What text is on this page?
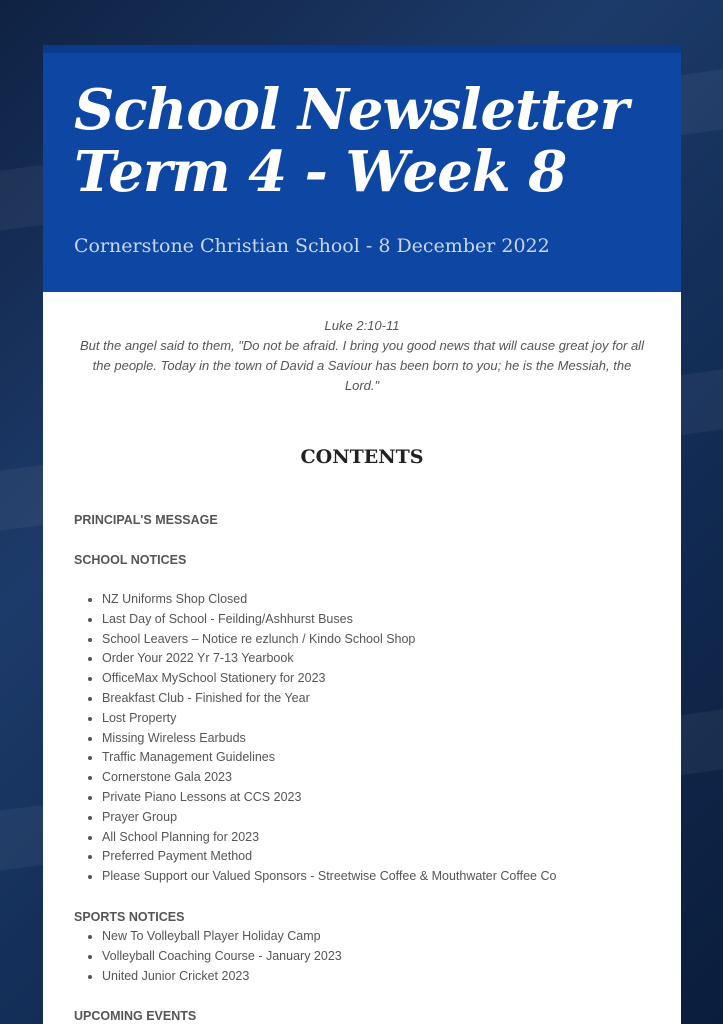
School Newsletter
Term 4 - Week 8

Cornerstone Christian School - 8 December 2022

Luke 2:10-11
But the angel said to them, "Do not be afraid. I bring you good news that will cause great joy for all the people. Today in the town of David a Saviour has been born to you; he is the Messiah, the Lord."
CONTENTS

PRINCIPAL'S MESSAGE

SCHOOL NOTICES

• NZ Uniforms Shop Closed
• Last Day of School - Feilding/Ashhurst Buses
• School Leavers – Notice re ezlunch / Kindo School Shop
• Order Your 2022 Yr 7-13 Yearbook
• OfficeMax MySchool Stationery for 2023
• Breakfast Club - Finished for the Year
• Lost Property
• Missing Wireless Earbuds
• Traffic Management Guidelines
• Cornerstone Gala 2023
• Private Piano Lessons at CCS 2023
• Prayer Group
• All School Planning for 2023
• Preferred Payment Method
• Please Support our Valued Sponsors - Streetwise Coffee & Mouthwater Coffee Co

SPORTS NOTICES

• New To Volleyball Player Holiday Camp
• Volleyball Coaching Course - January 2023
• United Junior Cricket 2023

UPCOMING EVENTS
